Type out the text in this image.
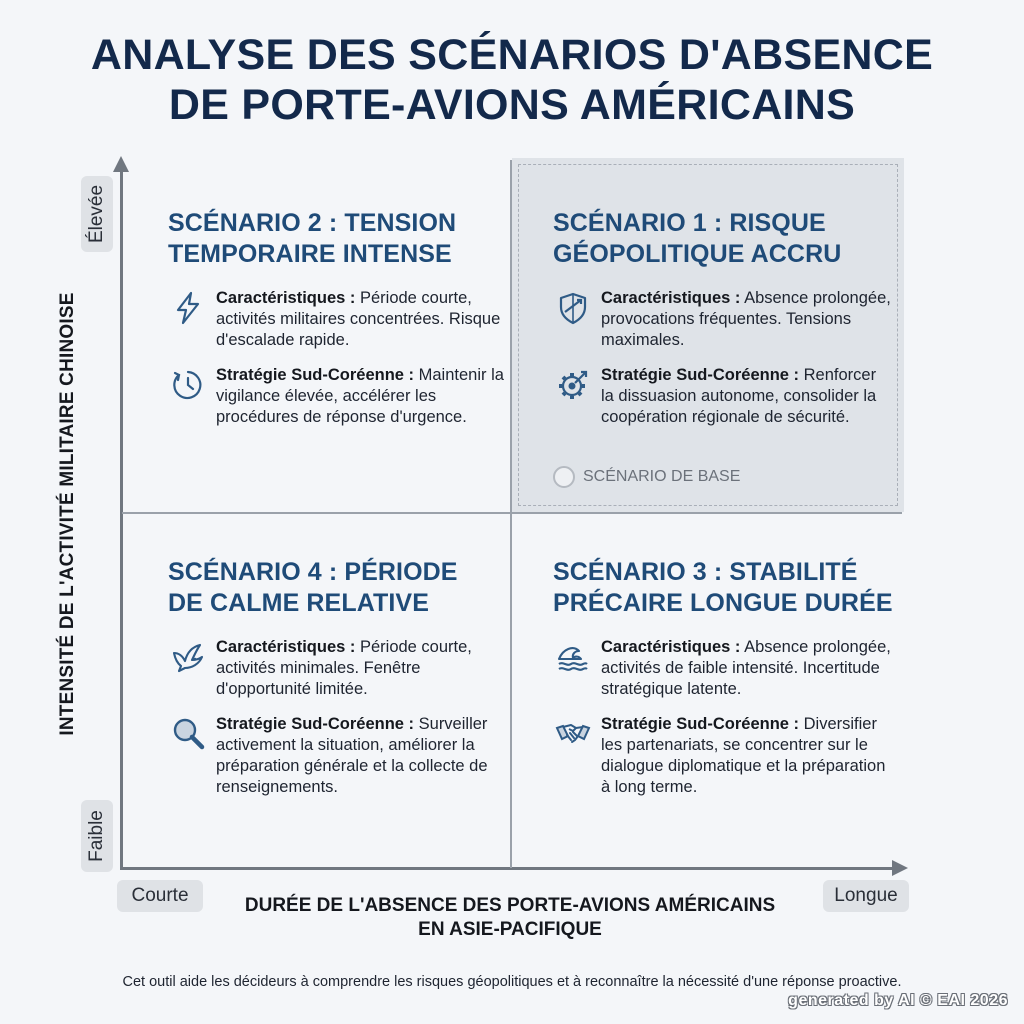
ANALYSE DES SCÉNARIOS D'ABSENCE
DE PORTE-AVIONS AMÉRICAINS
Élevée
Faible
Courte	Longue
INTENSITÉ DE L'ACTIVITÉ MILITAIRE CHINOISE
DURÉE DE L'ABSENCE DES PORTE-AVIONS AMÉRICAINS
EN ASIE-PACIFIQUE
SCÉNARIO 2 : TENSION
TEMPORAIRE INTENSE
Caractéristiques : Période courte, activités militaires concentrées. Risque d'escalade rapide.
Stratégie Sud-Coréenne : Maintenir la vigilance élevée, accélérer les procédures de réponse d'urgence.
SCÉNARIO 1 : RISQUE
GÉOPOLITIQUE ACCRU
Caractéristiques : Absence prolongée, provocations fréquentes. Tensions maximales.
Stratégie Sud-Coréenne : Renforcer la dissuasion autonome, consolider la coopération régionale de sécurité.
SCÉNARIO DE BASE
SCÉNARIO 4 : PÉRIODE
DE CALME RELATIVE
Caractéristiques : Période courte, activités minimales. Fenêtre d'opportunité limitée.
Stratégie Sud-Coréenne : Surveiller activement la situation, améliorer la préparation générale et la collecte de renseignements.
SCÉNARIO 3 : STABILITÉ
PRÉCAIRE LONGUE DURÉE
Caractéristiques : Absence prolongée, activités de faible intensité. Incertitude stratégique latente.
Stratégie Sud-Coréenne : Diversifier les partenariats, se concentrer sur le dialogue diplomatique et la préparation à long terme.
Cet outil aide les décideurs à comprendre les risques géopolitiques et à reconnaître la nécessité d'une réponse proactive.
generated by AI © EAI 2026
